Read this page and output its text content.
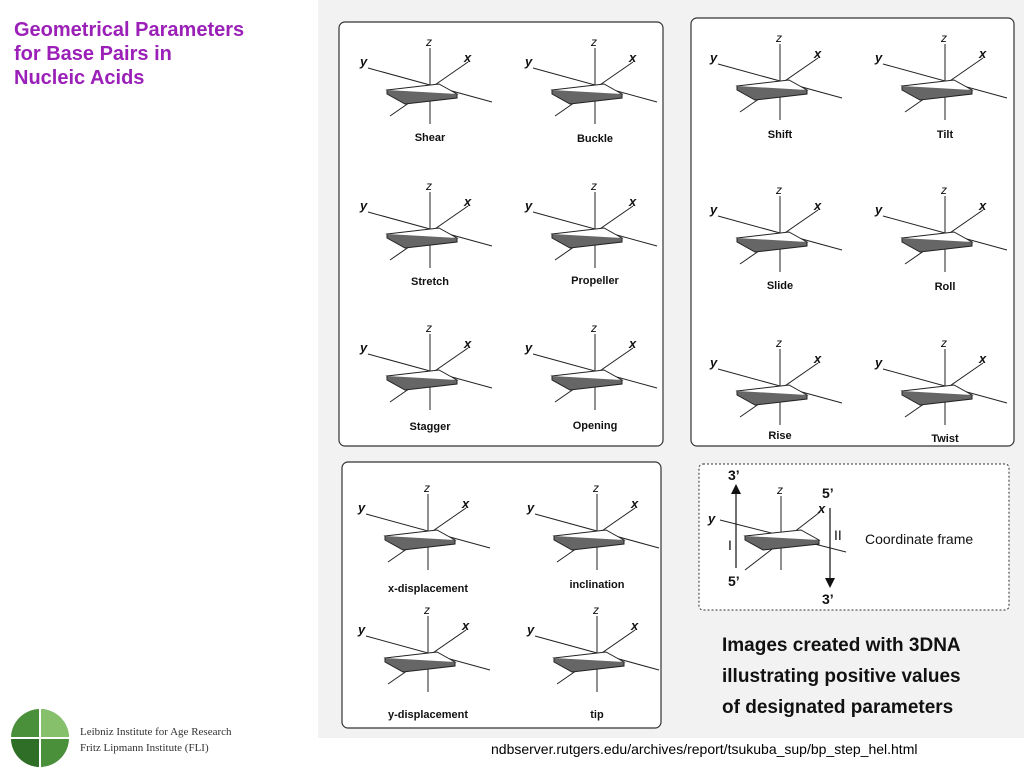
Geometrical Parameters
for Base Pairs in
Nucleic Acids
z
y	x
Shear
z
y	x
Buckle
z
y	x
Stretch
z
y	x
Propeller
z
y	x
Stagger
z
y	x
Opening
z
y	x
Shift
z
y	x
Tilt
z
y	x
Slide
z
y	x
Roll
z
y	x
Rise
z
y	x
Twist
z
y	x
x-displacement
z
y	x
inclination
z
y	x
y-displacement
z
y	x
tip
z
y
x
3’
5’
I
5’
3’
II Coordinate frame
Images created with 3DNA
illustrating positive values
of designated parameters
ndbserver.rutgers.edu/archives/report/tsukuba_sup/bp_step_hel.html
Leibniz Institute for Age Research
Fritz Lipmann Institute (FLI)
